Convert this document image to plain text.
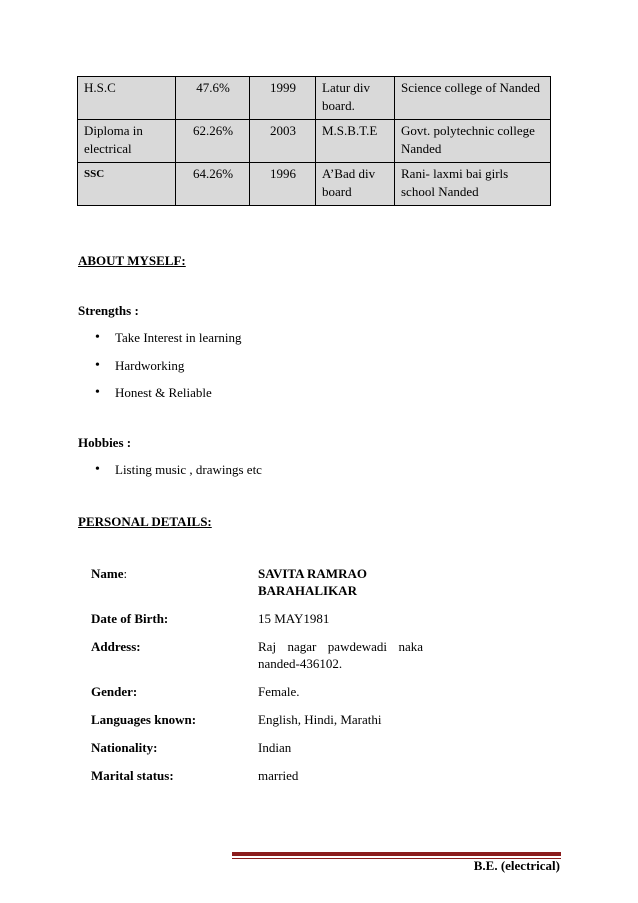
H.S.C	47.6%	1999	Latur div board.	Science college of Nanded
Diploma in electrical	62.26%	2003	M.S.B.T.E	Govt. polytechnic college Nanded
SSC	64.26%	1996	A’Bad div board	Rani- laxmi bai girls school Nanded
ABOUT MYSELF:
Strengths :
• Take Interest in learning
• Hardworking
• Honest & Reliable
Hobbies :
• Listing music , drawings etc
PERSONAL DETAILS:
Name:	SAVITA RAMRAO BARAHALIKAR

Date of Birth:	15 MAY1981
Address:	Raj nagar pawdewadi naka
nanded-436102.

Gender:	Female.
Languages known:	English, Hindi, Marathi
Nationality:	Indian
Marital status:	married
B.E. (electrical)
